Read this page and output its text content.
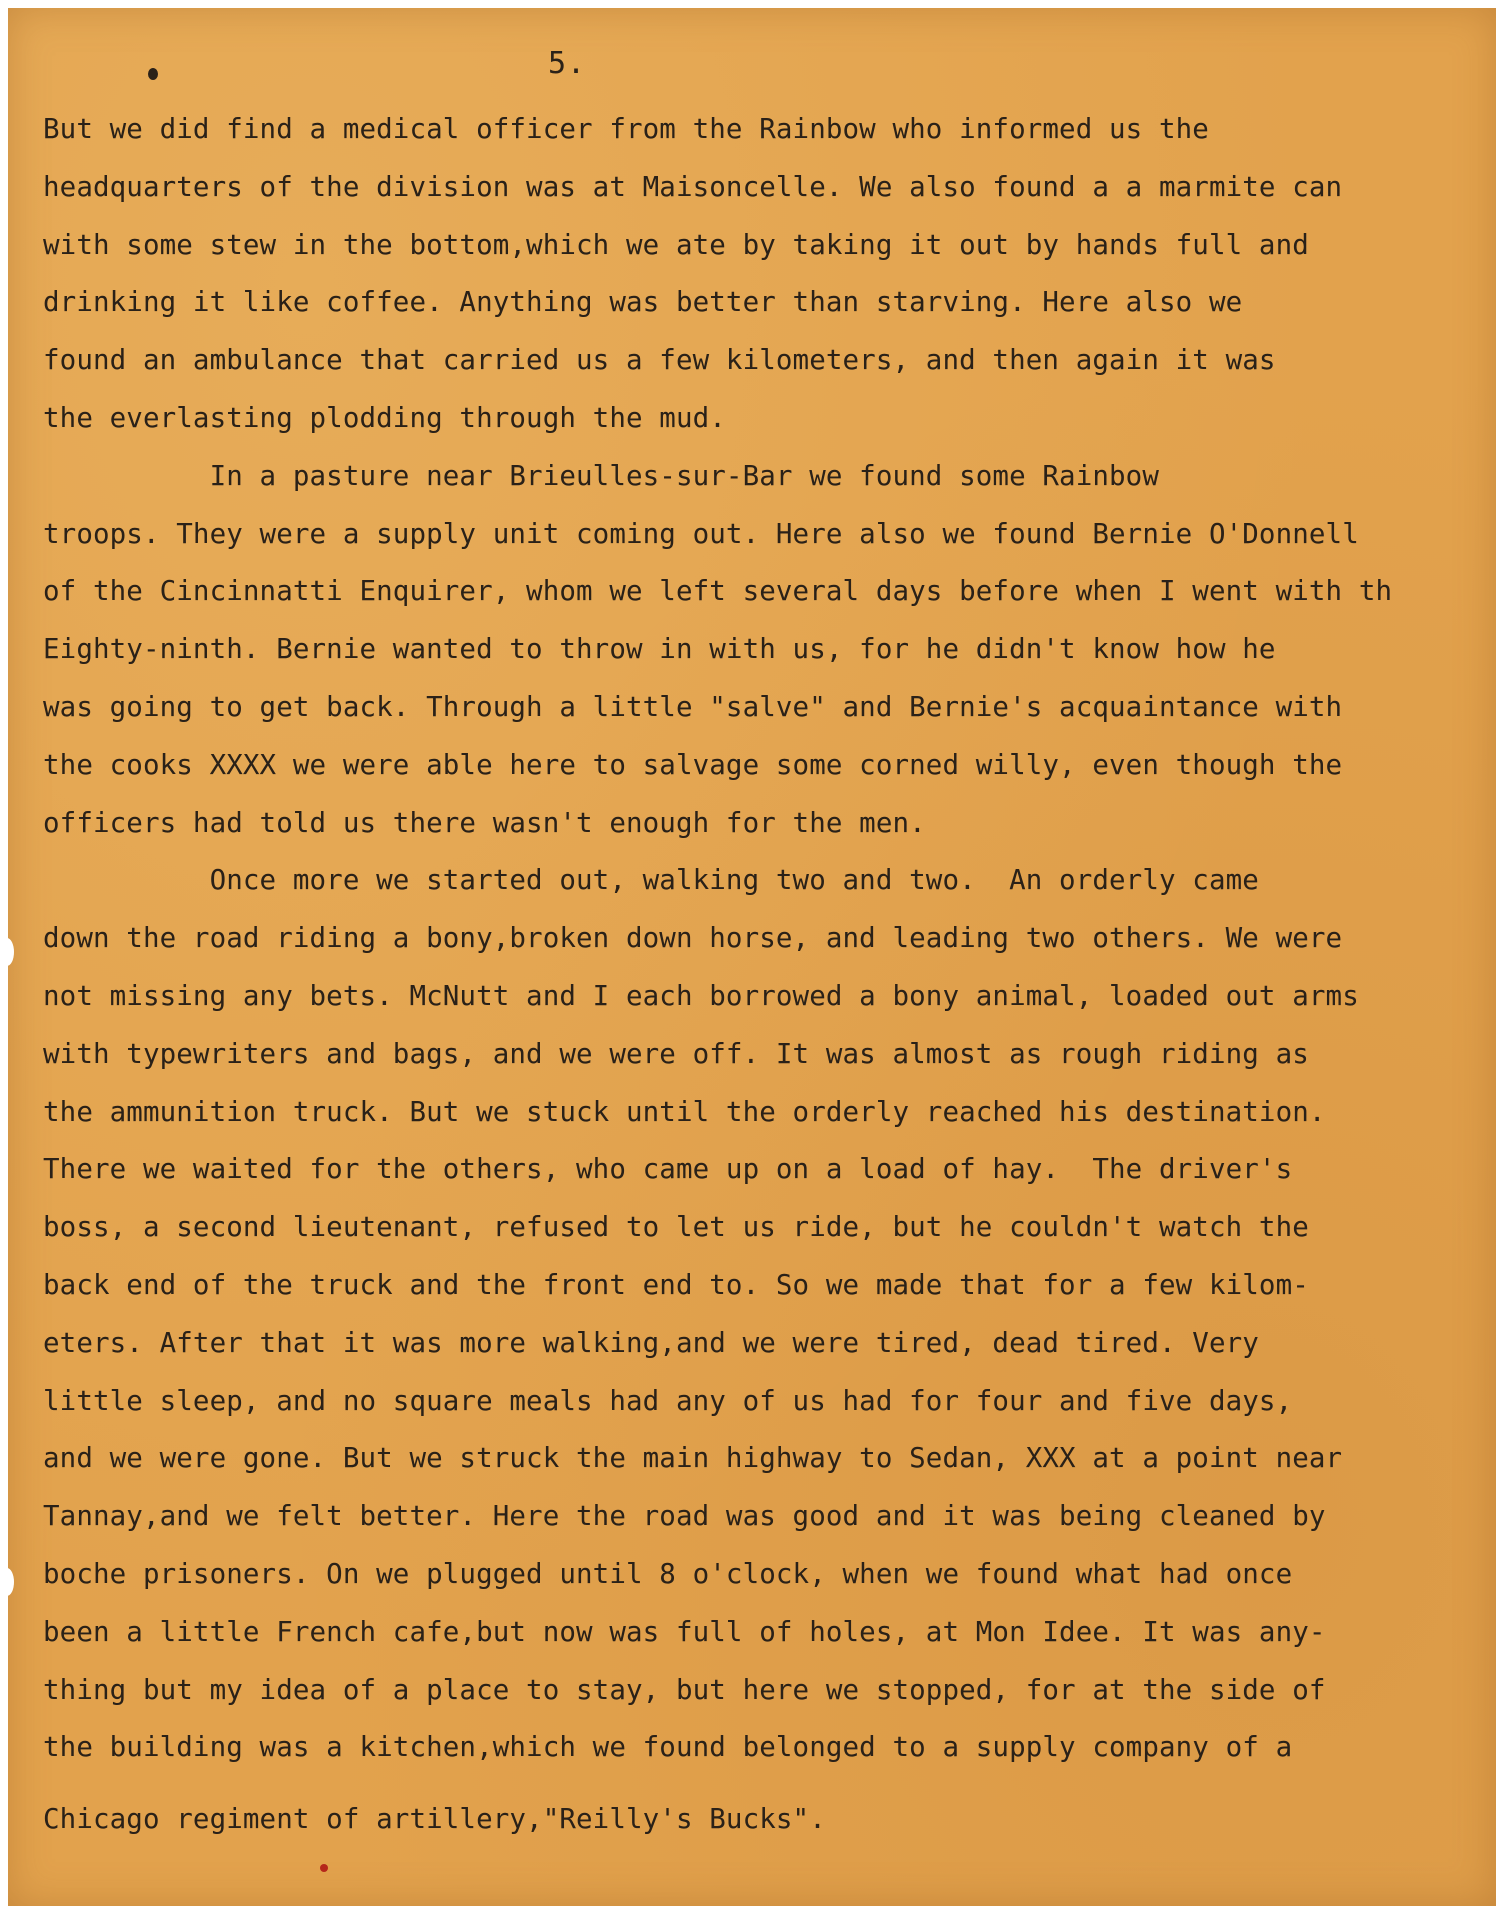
5.
But we did find a medical officer from the Rainbow who informed us the
headquarters of the division was at Maisoncelle. We also found a a marmite can
with some stew in the bottom,which we ate by taking it out by hands full and
drinking it like coffee. Anything was better than starving. Here also we
found an ambulance that carried us a few kilometers, and then again it was
the everlasting plodding through the mud.
In a pasture near Brieulles-sur-Bar we found some Rainbow
troops. They were a supply unit coming out. Here also we found Bernie O'Donnell
of the Cincinnatti Enquirer, whom we left several days before when I went with th
Eighty-ninth. Bernie wanted to throw in with us, for he didn't know how he
was going to get back. Through a little "salve" and Bernie's acquaintance with
the cooks XXXX we were able here to salvage some corned willy, even though the
officers had told us there wasn't enough for the men.
Once more we started out, walking two and two.  An orderly came
down the road riding a bony,broken down horse, and leading two others. We were
not missing any bets. McNutt and I each borrowed a bony animal, loaded out arms
with typewriters and bags, and we were off. It was almost as rough riding as
the ammunition truck. But we stuck until the orderly reached his destination.
There we waited for the others, who came up on a load of hay.  The driver's
boss, a second lieutenant, refused to let us ride, but he couldn't watch the
back end of the truck and the front end to. So we made that for a few kilom-
eters. After that it was more walking,and we were tired, dead tired. Very
little sleep, and no square meals had any of us had for four and five days,
and we were gone. But we struck the main highway to Sedan, XXX at a point near
Tannay,and we felt better. Here the road was good and it was being cleaned by
boche prisoners. On we plugged until 8 o'clock, when we found what had once
been a little French cafe,but now was full of holes, at Mon Idee. It was any-
thing but my idea of a place to stay, but here we stopped, for at the side of
the building was a kitchen,which we found belonged to a supply company of a
Chicago regiment of artillery,"Reilly's Bucks".
